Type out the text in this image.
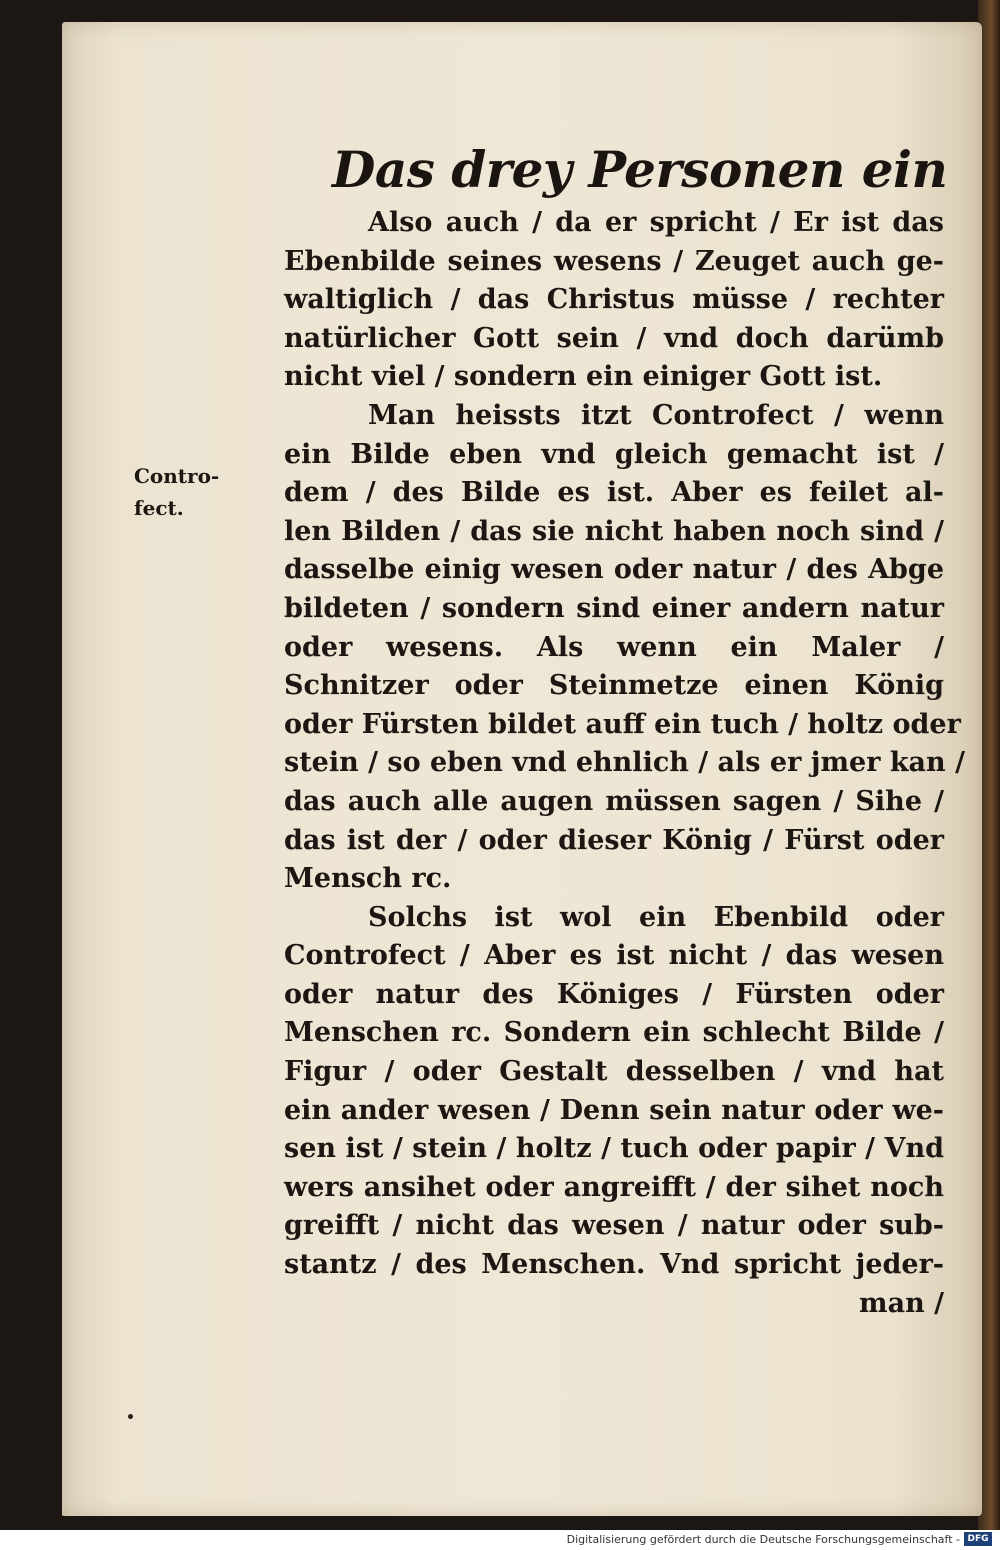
Das drey Personen ein
Contro-
fect.
Also auch / da er spricht / Er ist das
Ebenbilde seines wesens / Zeuget auch ge-
waltiglich / das Christus müsse / rechter
natürlicher Gott sein / vnd doch darümb
nicht viel / sondern ein einiger Gott ist.
Man heissts itzt Controfect / wenn
ein Bilde eben vnd gleich gemacht ist /
dem / des Bilde es ist. Aber es feilet al-
len Bilden / das sie nicht haben noch sind /
dasselbe einig wesen oder natur / des Abge
bildeten / sondern sind einer andern natur
oder wesens. Als wenn ein Maler /
Schnitzer oder Steinmetze einen König
oder Fürsten bildet auff ein tuch / holtz oder
stein / so eben vnd ehnlich / als er jmer kan /
das auch alle augen müssen sagen / Sihe /
das ist der / oder dieser König / Fürst oder
Mensch rc.
Solchs ist wol ein Ebenbild oder
Controfect / Aber es ist nicht / das wesen
oder natur des Königes / Fürsten oder
Menschen rc. Sondern ein schlecht Bilde /
Figur / oder Gestalt desselben / vnd hat
ein ander wesen / Denn sein natur oder we-
sen ist / stein / holtz / tuch oder papir / Vnd
wers ansihet oder angreifft / der sihet noch
greifft / nicht das wesen / natur oder sub-
stantz / des Menschen. Vnd spricht jeder-
man /
Digitalisierung gefördert durch die Deutsche Forschungsgemeinschaft - DFG
